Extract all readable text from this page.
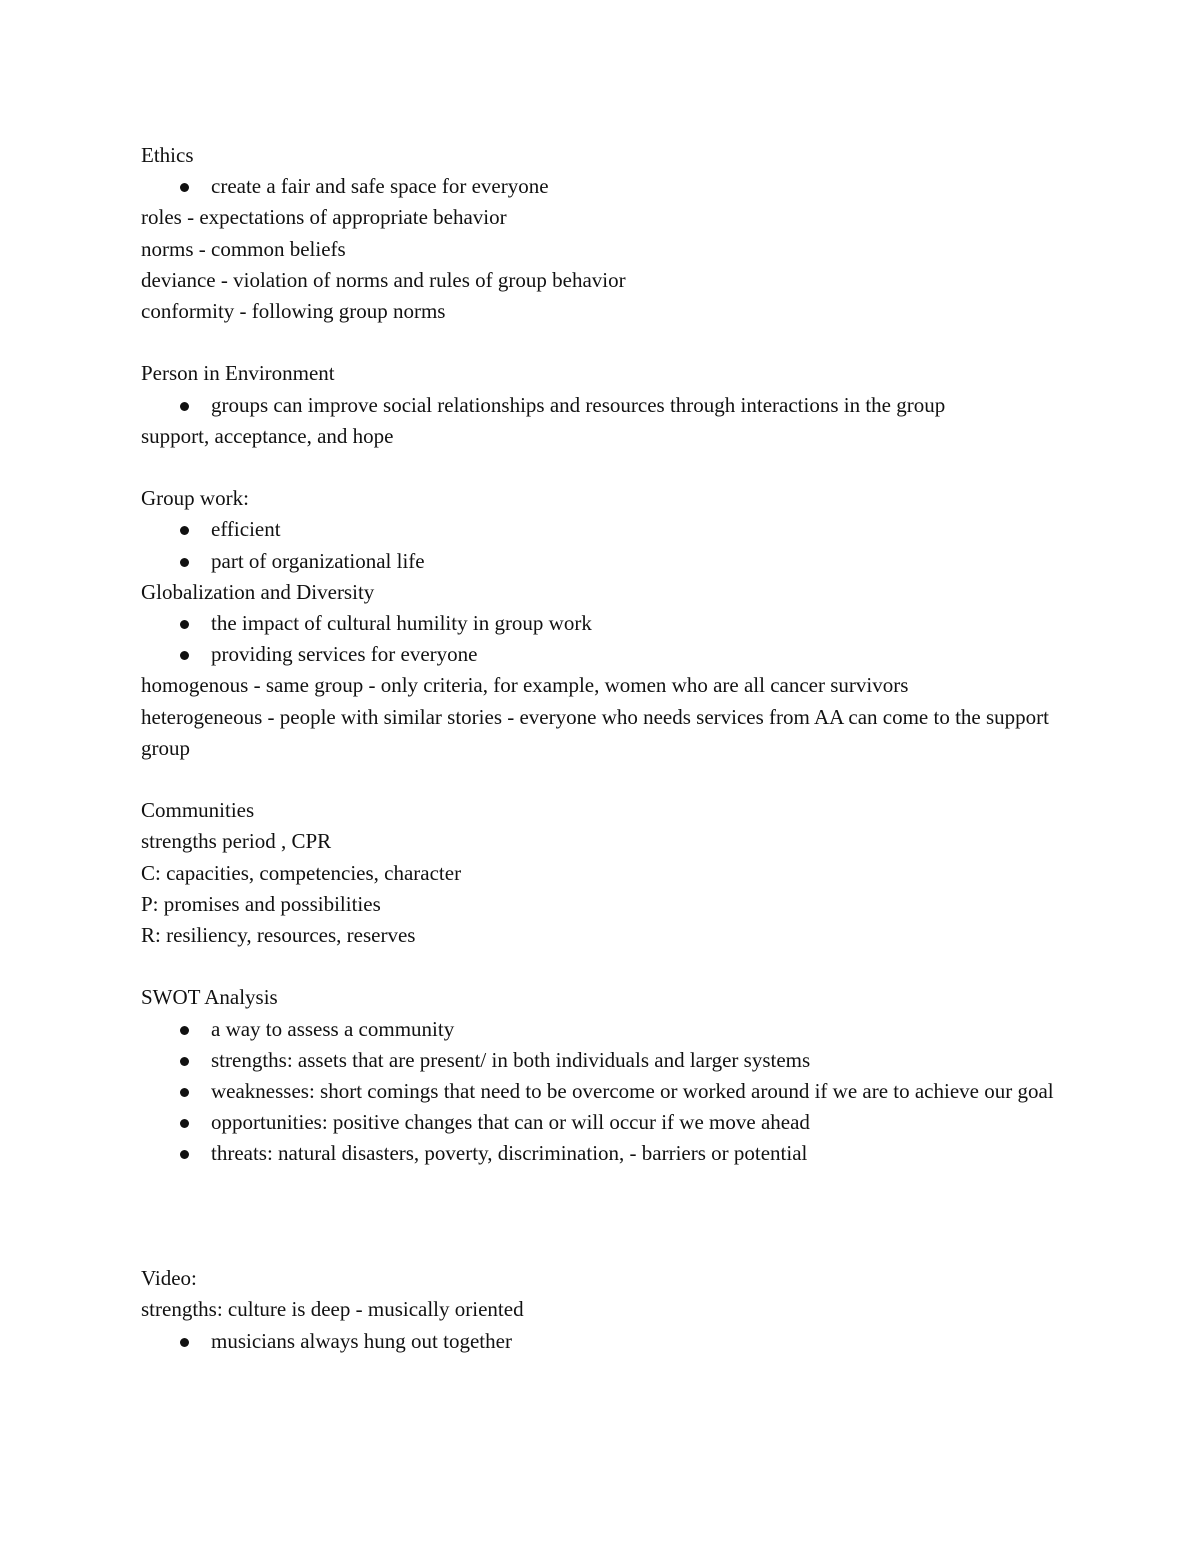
Ethics

create a fair and safe space for everyone

roles - expectations of appropriate behavior

norms - common beliefs

deviance - violation of norms and rules of group behavior

conformity - following group norms

Person in Environment

groups can improve social relationships and resources through interactions in the group

support, acceptance, and hope

Group work:

efficient
part of organizational life

Globalization and Diversity

the impact of cultural humility in group work
providing services for everyone

homogenous - same group - only criteria, for example, women who are all cancer survivors

heterogeneous - people with similar stories - everyone who needs services from AA can come to the support group

Communities

strengths period , CPR

C: capacities, competencies, character

P: promises and possibilities

R: resiliency, resources, reserves

SWOT Analysis

a way to assess a community
strengths: assets that are present/ in both individuals and larger systems
weaknesses: short comings that need to be overcome or worked around if we are to achieve our goal
opportunities: positive changes that can or will occur if we move ahead
threats: natural disasters, poverty, discrimination, - barriers or potential

Video:

strengths: culture is deep - musically oriented

musicians always hung out together
